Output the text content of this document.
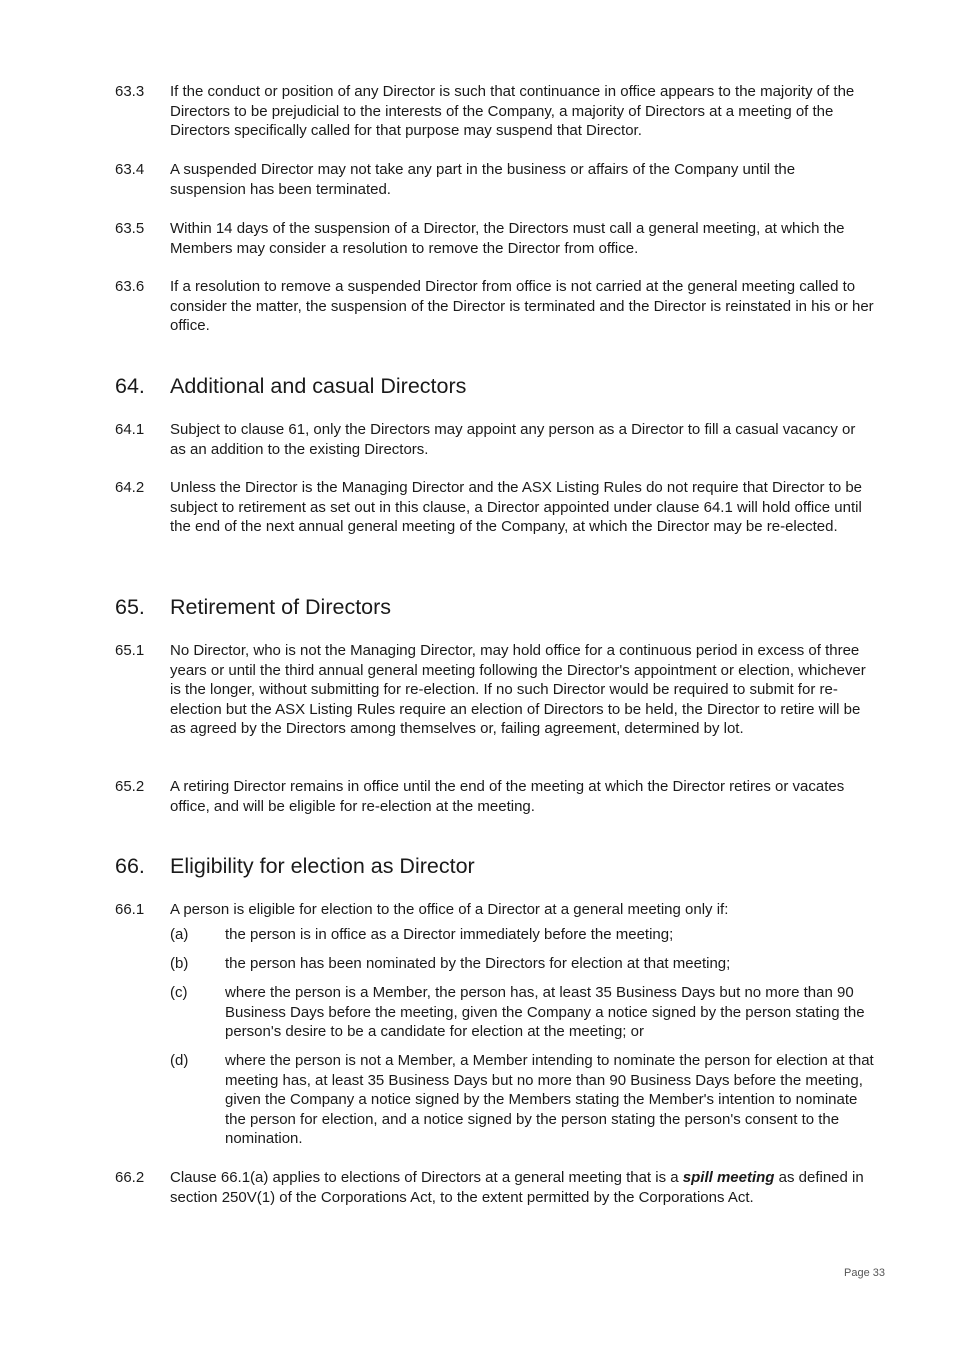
63.3	If the conduct or position of any Director is such that continuance in office appears to the majority of the Directors to be prejudicial to the interests of the Company, a majority of Directors at a meeting of the Directors specifically called for that purpose may suspend that Director.
63.4	A suspended Director may not take any part in the business or affairs of the Company until the suspension has been terminated.
63.5	Within 14 days of the suspension of a Director, the Directors must call a general meeting, at which the Members may consider a resolution to remove the Director from office.
63.6	If a resolution to remove a suspended Director from office is not carried at the general meeting called to consider the matter, the suspension of the Director is terminated and the Director is reinstated in his or her office.
64. Additional and casual Directors
64.1	Subject to clause 61, only the Directors may appoint any person as a Director to fill a casual vacancy or as an addition to the existing Directors.
64.2	Unless the Director is the Managing Director and the ASX Listing Rules do not require that Director to be subject to retirement as set out in this clause, a Director appointed under clause 64.1 will hold office until the end of the next annual general meeting of the Company, at which the Director may be re-elected.
65. Retirement of Directors
65.1	No Director, who is not the Managing Director, may hold office for a continuous period in excess of three years or until the third annual general meeting following the Director's appointment or election, whichever is the longer, without submitting for re-election. If no such Director would be required to submit for re-election but the ASX Listing Rules require an election of Directors to be held, the Director to retire will be as agreed by the Directors among themselves or, failing agreement, determined by lot.
65.2	A retiring Director remains in office until the end of the meeting at which the Director retires or vacates office, and will be eligible for re-election at the meeting.
66. Eligibility for election as Director
66.1	A person is eligible for election to the office of a Director at a general meeting only if:
(a)	the person is in office as a Director immediately before the meeting;
(b)	the person has been nominated by the Directors for election at that meeting;
(c)	where the person is a Member, the person has, at least 35 Business Days but no more than 90 Business Days before the meeting, given the Company a notice signed by the person stating the person's desire to be a candidate for election at the meeting; or
(d)	where the person is not a Member, a Member intending to nominate the person for election at that meeting has, at least 35 Business Days but no more than 90 Business Days before the meeting, given the Company a notice signed by the Members stating the Member's intention to nominate the person for election, and a notice signed by the person stating the person's consent to the nomination.
66.2	Clause 66.1(a) applies to elections of Directors at a general meeting that is a spill meeting as defined in section 250V(1) of the Corporations Act, to the extent permitted by the Corporations Act.
Page 33
